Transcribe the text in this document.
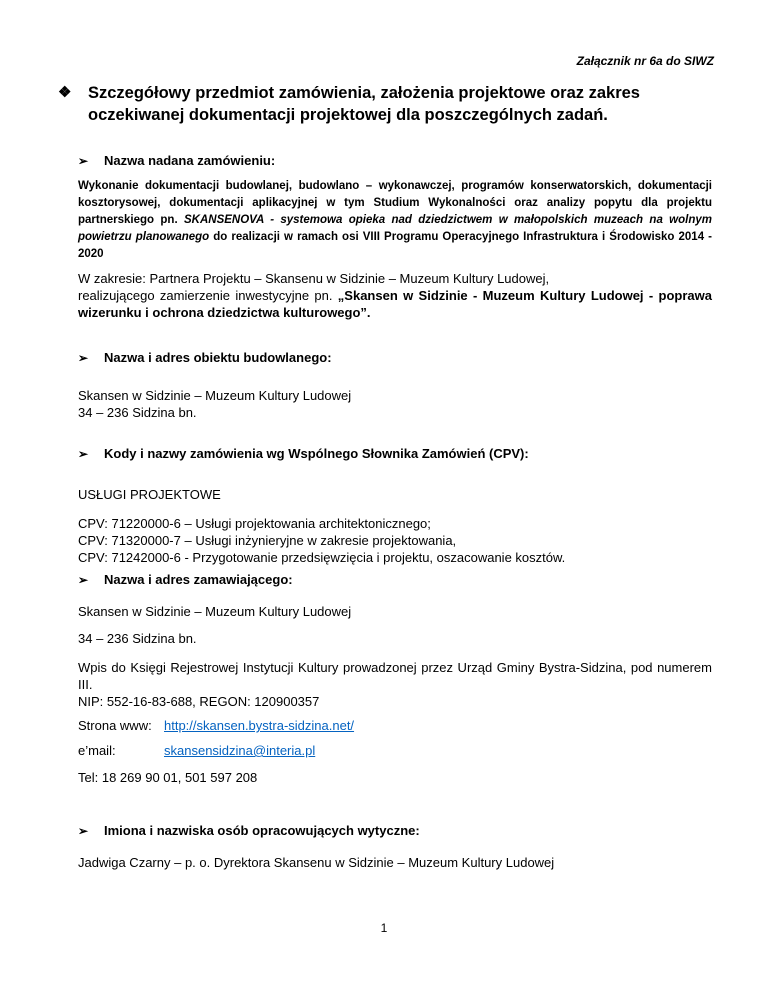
Załącznik nr 6a do SIWZ
❖ Szczegółowy przedmiot zamówienia, założenia projektowe oraz zakres oczekiwanej dokumentacji projektowej dla poszczególnych zadań.
➢ Nazwa nadana zamówieniu:
Wykonanie dokumentacji budowlanej, budowlano – wykonawczej, programów konserwatorskich, dokumentacji kosztorysowej, dokumentacji aplikacyjnej w tym Studium Wykonalności oraz analizy popytu dla projektu partnerskiego pn. SKANSENOVA - systemowa opieka nad dziedzictwem w małopolskich muzeach na wolnym powietrzu planowanego do realizacji w ramach osi VIII Programu Operacyjnego Infrastruktura i Środowisko 2014 - 2020
W zakresie: Partnera Projektu – Skansenu w Sidzinie – Muzeum Kultury Ludowej,
realizującego zamierzenie inwestycyjne pn. „Skansen w Sidzinie - Muzeum Kultury Ludowej - poprawa wizerunku i ochrona dziedzictwa kulturowego”.
➢ Nazwa i adres obiektu budowlanego:
Skansen w Sidzinie – Muzeum Kultury Ludowej
34 – 236 Sidzina bn.
➢ Kody i nazwy zamówienia wg Wspólnego Słownika Zamówień (CPV):
USŁUGI PROJEKTOWE
CPV: 71220000-6 – Usługi projektowania architektonicznego;
CPV: 71320000-7 – Usługi inżynieryjne w zakresie projektowania,
CPV: 71242000-6 - Przygotowanie przedsięwzięcia i projektu, oszacowanie kosztów.
➢ Nazwa i adres zamawiającego:
Skansen w Sidzinie – Muzeum Kultury Ludowej
34 – 236 Sidzina bn.
Wpis do Księgi Rejestrowej Instytucji Kultury prowadzonej przez Urząd Gminy Bystra-Sidzina, pod numerem III.
NIP: 552-16-83-688, REGON: 120900357
Strona www: http://skansen.bystra-sidzina.net/
e’mail:	skansensidzina@interia.pl
Tel: 18 269 90 01, 501 597 208
➢ Imiona i nazwiska osób opracowujących wytyczne:
Jadwiga Czarny – p. o. Dyrektora Skansenu w Sidzinie – Muzeum Kultury Ludowej
1
